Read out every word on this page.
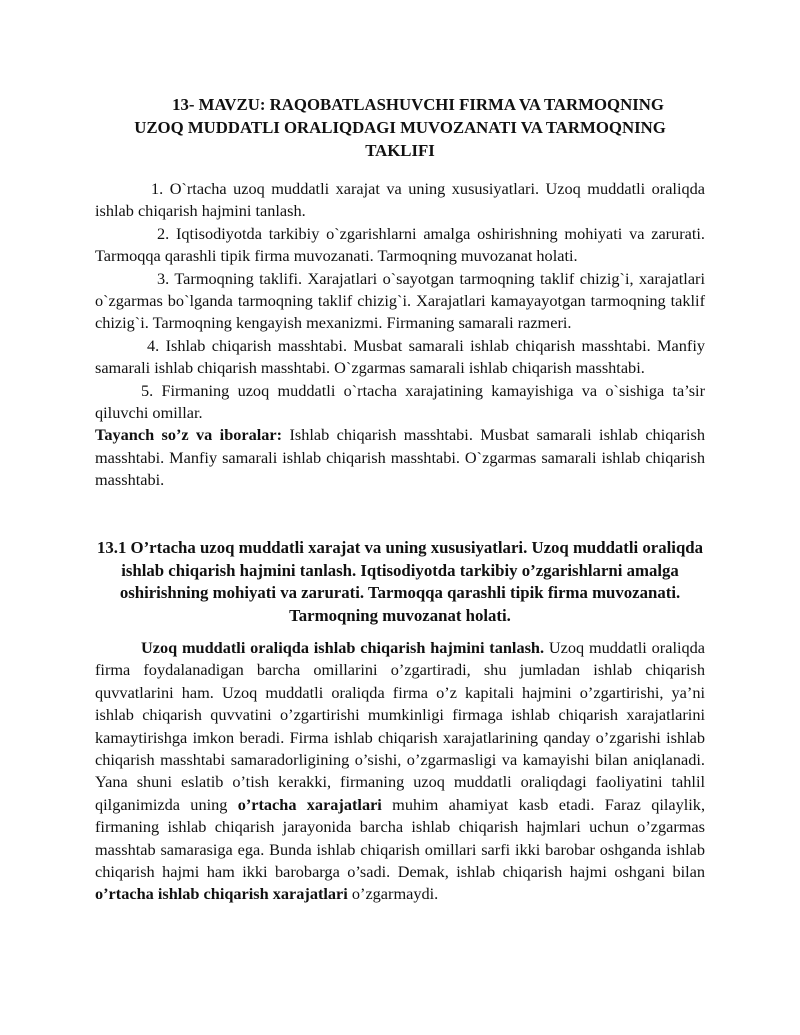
13- MAVZU: RAQOBATLASHUVCHI FIRMA VA TARMOQNING
UZOQ MUDDATLI ORALIQDAGI MUVOZANATI VA TARMOQNING
TAKLIFI

1. O`rtacha uzoq muddatli xarajat va uning xususiyatlari. Uzoq muddatli oraliqda ishlab chiqarish hajmini tanlash.

2. Iqtisodiyotda tarkibiy o`zgarishlarni amalga oshirishning mohiyati va zarurati. Tarmoqqa qarashli tipik firma muvozanati. Tarmoqning muvozanat holati.

3. Tarmoqning taklifi. Xarajatlari o`sayotgan tarmoqning taklif chizig`i, xarajatlari o`zgarmas bo`lganda tarmoqning taklif chizig`i. Xarajatlari kamayayotgan tarmoqning taklif chizig`i. Tarmoqning kengayish mexanizmi. Firmaning samarali razmeri.

4. Ishlab chiqarish masshtabi. Musbat samarali ishlab chiqarish masshtabi. Manfiy samarali ishlab chiqarish masshtabi. O`zgarmas samarali ishlab chiqarish masshtabi.

5. Firmaning uzoq muddatli o`rtacha xarajatining kamayishiga va o`sishiga ta’sir qiluvchi omillar.

Tayanch so’z va iboralar: Ishlab chiqarish masshtabi. Musbat samarali ishlab chiqarish masshtabi. Manfiy samarali ishlab chiqarish masshtabi. O`zgarmas samarali ishlab chiqarish masshtabi.

13.1 O’rtacha uzoq muddatli xarajat va uning xususiyatlari. Uzoq muddatli oraliqda ishlab chiqarish hajmini tanlash. Iqtisodiyotda tarkibiy o’zgarishlarni amalga oshirishning mohiyati va zarurati. Tarmoqqa qarashli tipik firma muvozanati. Tarmoqning muvozanat holati.

Uzoq muddatli oraliqda ishlab chiqarish hajmini tanlash. Uzoq muddatli oraliqda firma foydalanadigan barcha omillarini o’zgartiradi, shu jumladan ishlab chiqarish quvvatlarini ham. Uzoq muddatli oraliqda firma o’z kapitali hajmini o’zgartirishi, ya’ni ishlab chiqarish quvvatini o’zgartirishi mumkinligi firmaga ishlab chiqarish xarajatlarini kamaytirishga imkon beradi. Firma ishlab chiqarish xarajatlarining qanday o’zgarishi ishlab chiqarish masshtabi samaradorligining o’sishi, o’zgarmasligi va kamayishi bilan aniqlanadi. Yana shuni eslatib o’tish kerakki, firmaning uzoq muddatli oraliqdagi faoliyatini tahlil qilganimizda uning o’rtacha xarajatlari muhim ahamiyat kasb etadi. Faraz qilaylik, firmaning ishlab chiqarish jarayonida barcha ishlab chiqarish hajmlari uchun o’zgarmas masshtab samarasiga ega. Bunda ishlab chiqarish omillari sarfi ikki barobar oshganda ishlab chiqarish hajmi ham ikki barobarga o’sadi. Demak, ishlab chiqarish hajmi oshgani bilan o’rtacha ishlab chiqarish xarajatlari o’zgarmaydi.
